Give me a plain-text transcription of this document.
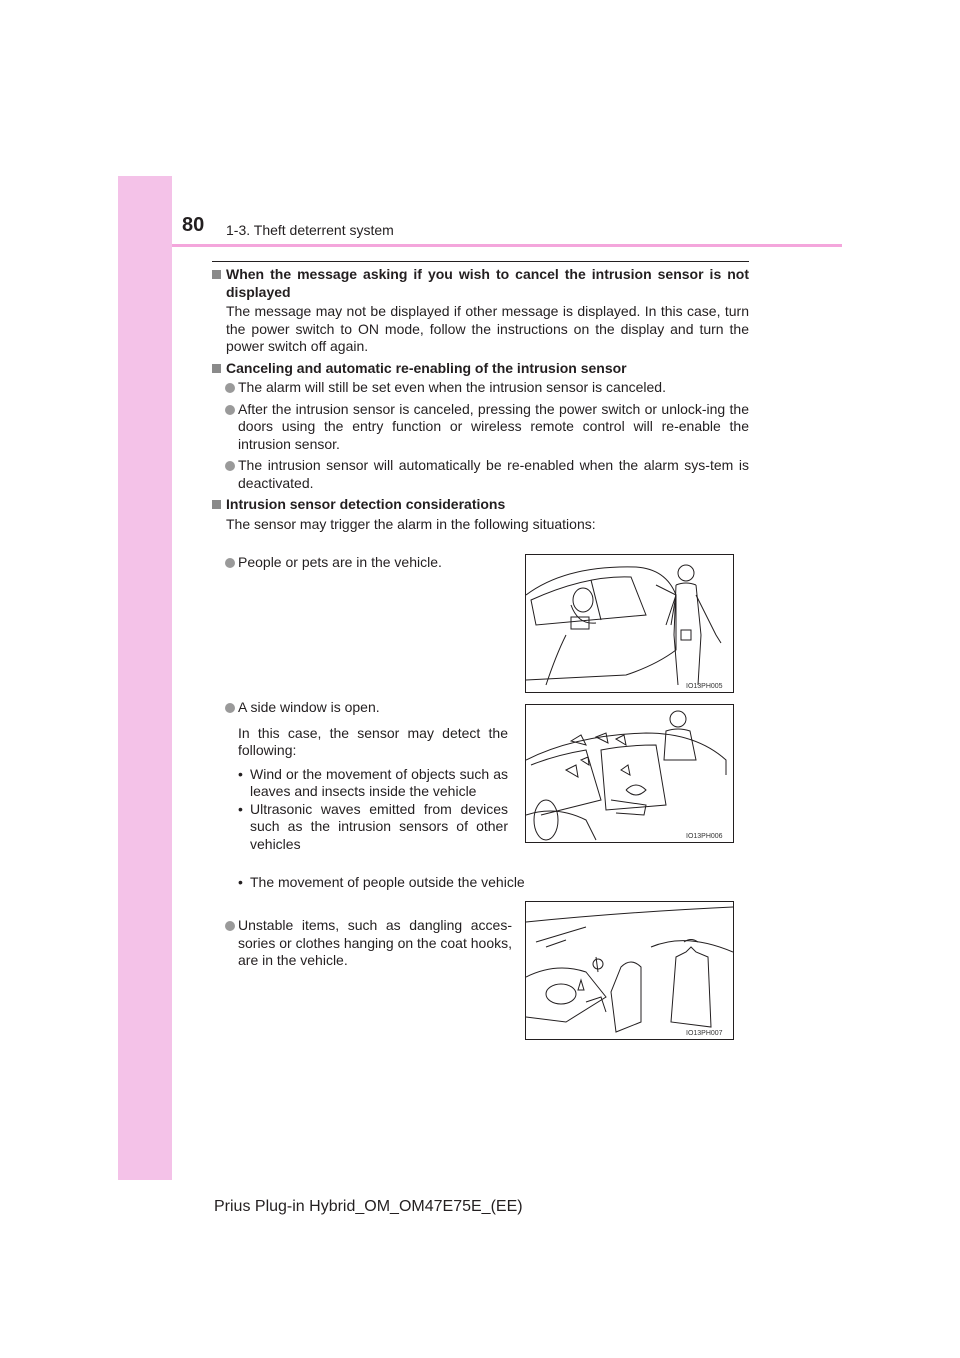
80 1-3. Theft deterrent system
When the message asking if you wish to cancel the intrusion sensor is not displayed
The message may not be displayed if other message is displayed. In this case, turn the power switch to ON mode, follow the instructions on the display and turn the power switch off again.
Canceling and automatic re-enabling of the intrusion sensor
The alarm will still be set even when the intrusion sensor is canceled.
After the intrusion sensor is canceled, pressing the power switch or unlock-ing the doors using the entry function or wireless remote control will re-enable the intrusion sensor.
The intrusion sensor will automatically be re-enabled when the alarm sys-tem is deactivated.
Intrusion sensor detection considerations
The sensor may trigger the alarm in the following situations:
People or pets are in the vehicle.
A side window is open.
In this case, the sensor may detect the following:
• Wind or the movement of objects such as leaves and insects inside the vehicle
• Ultrasonic waves emitted from devices such as the intrusion sensors of other vehicles
• The movement of people outside the vehicle
Unstable items, such as dangling acces-sories or clothes hanging on the coat hooks, are in the vehicle.
IO13PH005
IO13PH006
IO13PH007
Prius Plug-in Hybrid_OM_OM47E75E_(EE)
